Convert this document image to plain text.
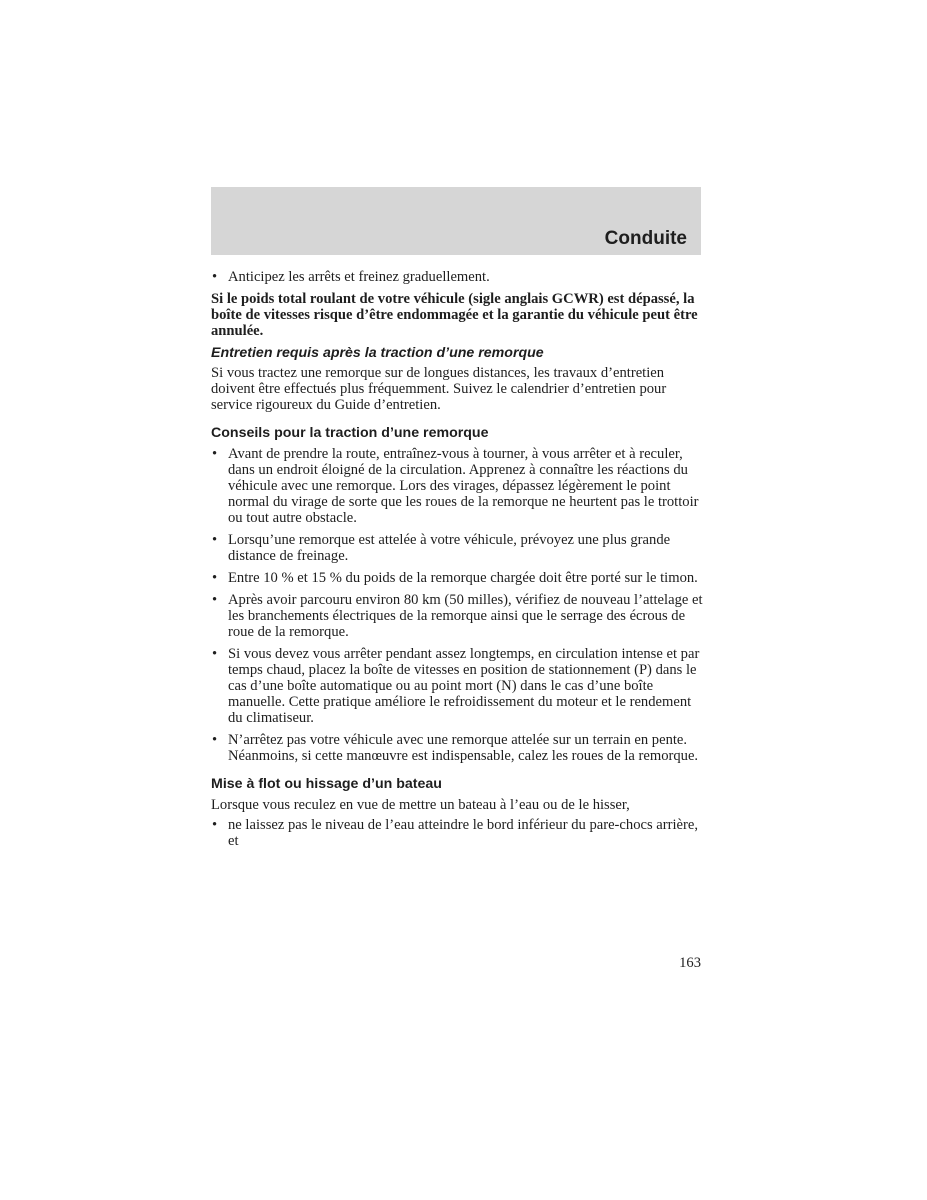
Conduite
• Anticipez les arrêts et freinez graduellement.

Si le poids total roulant de votre véhicule (sigle anglais GCWR) est dépassé, la boîte de vitesses risque d’être endommagée et la garantie du véhicule peut être annulée.

Entretien requis après la traction d’une remorque

Si vous tractez une remorque sur de longues distances, les travaux d’entretien doivent être effectués plus fréquemment. Suivez le calendrier d’entretien pour service rigoureux du Guide d’entretien.

Conseils pour la traction d’une remorque
• Avant de prendre la route, entraînez-vous à tourner, à vous arrêter et à reculer, dans un endroit éloigné de la circulation. Apprenez à connaître les réactions du véhicule avec une remorque. Lors des virages, dépassez légèrement le point normal du virage de sorte que les roues de la remorque ne heurtent pas le trottoir ou tout autre obstacle.
• Lorsqu’une remorque est attelée à votre véhicule, prévoyez une plus grande distance de freinage.
• Entre 10 % et 15 % du poids de la remorque chargée doit être porté sur le timon.
• Après avoir parcouru environ 80 km (50 milles), vérifiez de nouveau l’attelage et les branchements électriques de la remorque ainsi que le serrage des écrous de roue de la remorque.
• Si vous devez vous arrêter pendant assez longtemps, en circulation intense et par temps chaud, placez la boîte de vitesses en position de stationnement (P) dans le cas d’une boîte automatique ou au point mort (N) dans le cas d’une boîte manuelle. Cette pratique améliore le refroidissement du moteur et le rendement du climatiseur.
• N’arrêtez pas votre véhicule avec une remorque attelée sur un terrain en pente. Néanmoins, si cette manœuvre est indispensable, calez les roues de la remorque.
Mise à flot ou hissage d’un bateau

Lorsque vous reculez en vue de mettre un bateau à l’eau ou de le hisser,

• ne laissez pas le niveau de l’eau atteindre le bord inférieur du pare-chocs arrière, et
163
